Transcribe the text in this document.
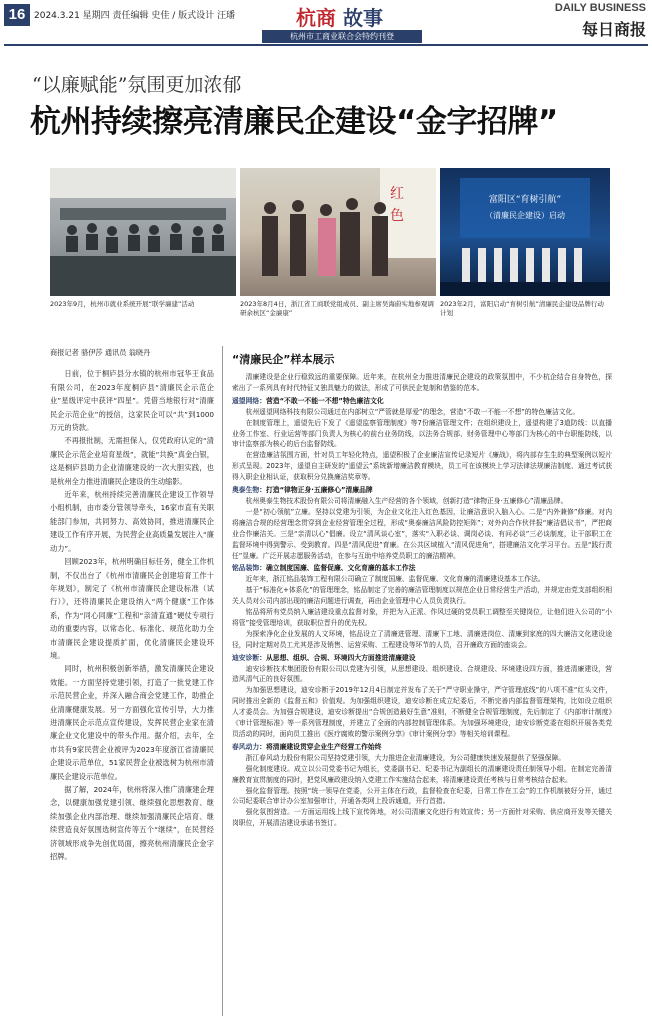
16 2024.3.21 星期四 责任编辑 史佳 / 版式设计 汪璠	杭商 故事
杭州市工商业联合会特约刊登
DAILY BUSINESS
每日商报
“以廉赋能”氛围更加浓郁
杭州持续擦亮清廉民企建设“金字招牌”
红
色
富阳区“育树引航”
（清廉民企建设）启动
2023年9月，杭州市就业系统开展“联学廉建”活动	2023年8月4日，浙江省工商联党组成员、副主席吴海蔚实地参观调研余杭区“金廉康”
2023年2月，富阳启动“育树引航”清廉民企建设品牌行动计划
商报记者 骆伊莎 通讯员 翁晓丹

日前，位于桐庐县分水镇的杭州市冠华王食品有限公司，在2023年度桐庐县“清廉民企示范企业”星级评定中获评“四星”。凭借当地银行对“清廉民企示范企业”的授信，这家民企可以“共”到1000万元的贷款。

不再报批制，无需担保人，仅凭政府认定的“清廉民企示范企业培育星级”，就能“共换”真金白银，这是桐庐县助力企业清廉建设的一次大胆实践，也是杭州全力推进清廉民企建设的生动缩影。

近年来，杭州持续完善清廉民企建设工作领导小组机制，由市委分管领导牵头，16家市直有关职能部门参加，共同努力、高效协同，推进清廉民企建设工作有序开展，为民营企业高质量发展注入“廉动力”。

回顾2023年，杭州明确目标任务，健全工作机制，不仅出台了《杭州市清廉民企创建培育工作十年规划》，制定了《杭州市清廉民企建设标准（试行）》，还将清廉民企建设纳入“两个健康”工作体系，作为“同心同廉”工程和“亲清直通”硬仗专项行动的重要内容，以常态化、标准化、规范化助力全市清廉民企建设提质扩面，优化清廉民企建设环境。

同时，杭州积极创新举措，激发清廉民企建设效能。一方面坚持党建引领，打造了一批党建工作示范民营企业，并深入融合商会党建工作，助推企业清廉健康发展。另一方面强化宣传引导，大力推进清廉民企示范点宣传建设，发挥民营企业家在清廉企业文化建设中的带头作用。据介绍，去年，全市共有9家民营企业被评为2023年度浙江省清廉民企建设示范单位，51家民营企业被选树为杭州市清廉民企建设示范单位。

据了解，2024年，杭州将深入推广清廉建企理念，以健康加强党建引领、继续强化思想教育、继续加强企业内部治理、继续加强清廉民企培育、继续营造良好氛围选树宣传等五个“继续”，在民营经济领域形成争先创优局面，擦亮杭州清廉民企金字招牌。

“清廉民企”样本展示

清廉建设是企业行稳致远的重要保障。近年来，在杭州全力推进清廉民企建设的政策氛围中，不少杭企结合自身特色，探索出了一系列具有时代特征又独具魅力的做法，形成了可供民企复制和借鉴的范本。

遥望网络：营造“不敢一不能一不想”特色廉洁文化

杭州遥望网络科技有限公司通过在内部树立“严管就是厚爱”的理念，营造“不敢一不能一不想”的特色廉洁文化。

在制度管理上，遥望先后下发了《遥望监察管理制度》等7份廉洁管理文件；在组织建设上，遥望构建了3道防线：以直播业务工作室、行业运营等部门负责人为核心的前台业务防线，以法务合规部、财务管理中心等部门为核心的中台职能防线，以审计监察部为核心的后台监督防线。

在营造廉洁氛围方面，针对员工年轻化特点，遥望积极了企业廉洁宣传记录短片《廉战》，将内部存生生的典型案例以短片形式呈现。2023年，遥望自主研发的“遥望云”系统新增廉洁教育模块，员工可在该模块上学习法律法规廉洁制度、通过考试获得入职企业相认证，获取积分兑换廉洁奖章等。

奥泰生物：打造“律物正身·五廉修心”清廉品牌

杭州奥泰生物技术股份有限公司将清廉融入生产经营的各个领域，创新打造“律物正身·五廉修心”清廉品牌。

一是“初心领航”立廉。坚持以党建为引领，为企业文化注入红色基因，让廉洁意识入脑入心。二是“内外兼修”修廉。对内将廉洁合规的经营理念贯穿到企业经营管理全过程，形成“奥泰廉洁风险防控矩阵”；对外向合作伙伴报“廉洁倡议书”，严把商业合作廉洁关。三是“亲清以心”倡廉。设立“清风谈心室”，落实“入职必谈、调岗必谈、有问必谈”三必谈制度，让干部职工在监督环境中得到警示、受到教育。四是“清风促进”育廉。在公共区域植入“清风促进角”，搭建廉洁文化学习平台。五是“践行责任”显廉。广泛开展志愿服务活动，在参与互助中培养党员职工的廉洁精神。

铭品装饰：确立制度国廉、监督促廉、文化育廉的基本工作法

近年来，浙江铭品装饰工程有限公司确立了制度国廉、监督促廉、文化育廉的清廉建设基本工作法。

基于“标准化+体系化”的管理理念，铭品制定了完善的廉洁管理制度以规范企业日常经营生产活动，并规定由党支部组织相关人员对公司内部出现的廉洁问题进行调查，再由企业管理中心人员负责执行。

铭品将所有党员纳入廉洁建设重点监督对象，并把为入正派、作风过硬的党员职工调整至关键岗位，让他们进入公司的“小将管”接受管理培训，获取职位晋升的优先权。

为探索净化企业发展的人文环境，铭品设立了清廉进管理、清廉下工地、清廉进岗位、清廉到家庭的四大廉洁文化建设途径，同时定期对员工尤其是涉及销售、运营采购、工程建设等环节的人员，召开廉政方面的座谈会。

迪安诊断：从思想、组织、合规、环境四大方面推进清廉建设

迪安诊断技术集团股份有限公司以党建为引领，从思想建设、组织建设、合规建设、环境建设四方面，推进清廉建设，营造风清气正的良好氛围。

为加强思想建设，迪安诊断于2019年12月4日制定并发布了关于“严守职业操守，严守管理底线”的八项不准“红头文件，同时推出全新的《监督五和》价值观。为加强组织建设，迪安诊断在成立纪委后，不断完善内部监督管理架构，比如设立组织人才委员会。为加强合规建设，迪安诊断提出“合规创造最好生意”准则，不断健全合规管理制度，先后制定了《内部审计制度》《审计管理标准》等一系列管理制度，并建立了全面的内部控制管理体系。为加强环境建设，迪安诊断党委在组织开展各类党员活动的同时，面向员工推出《医疗腐败的警示案例分享》《审计案例分享》等相关培训课程。

春风动力：将清廉建设贯穿企业生产经营工作始终

浙江春风动力股份有限公司坚持党建引领，大力推进企业清廉建设，为公司健康快速发展提供了坚强保障。

强化制度建设。成立以公司党委书记为组长，党委副书记、纪委书记为副组长的清廉建设责任制领导小组。在制定完善清廉教育宣贯制度的同时，把党风廉政建设纳入党建工作实施结合起来，将清廉建设责任考核与日常考核结合起来。

强化监督管理。按照“统一领导在党委，公开主体在行政，监督检查在纪委，日常工作在工会”的工作机制被好分开，通过公司纪委联合审计办公室加强审计，开通各类网上投诉通道，开行首措。

强化氛围营造。一方面运用线上线下宣传阵地，对公司清廉文化进行有效宣传；另一方面针对采购、供应商开发等关键关岗职位，开展清洁建设承诺书签订。
